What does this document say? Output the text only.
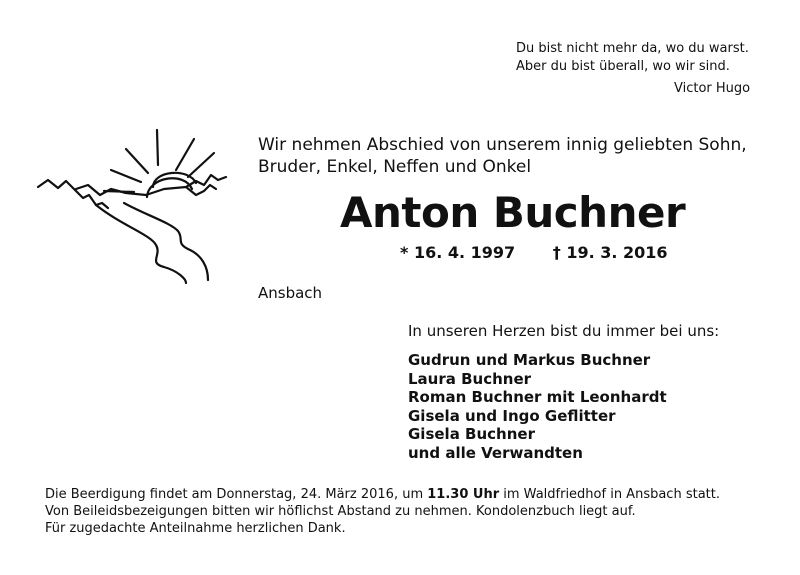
Du bist nicht mehr da, wo du warst.
Aber du bist überall, wo wir sind.
Victor Hugo
Wir nehmen Abschied von unserem innig geliebten Sohn,
Bruder, Enkel, Neffen und Onkel
Anton Buchner
* 16. 4. 1997 † 19. 3. 2016
Ansbach
In unseren Herzen bist du immer bei uns:
Gudrun und Markus Buchner
Laura Buchner
Roman Buchner mit Leonhardt
Gisela und Ingo Geflitter
Gisela Buchner
und alle Verwandten
Die Beerdigung findet am Donnerstag, 24. März 2016, um 11.30 Uhr im Waldfriedhof in Ansbach statt.
Von Beileidsbezeigungen bitten wir höflichst Abstand zu nehmen. Kondolenzbuch liegt auf.
Für zugedachte Anteilnahme herzlichen Dank.
